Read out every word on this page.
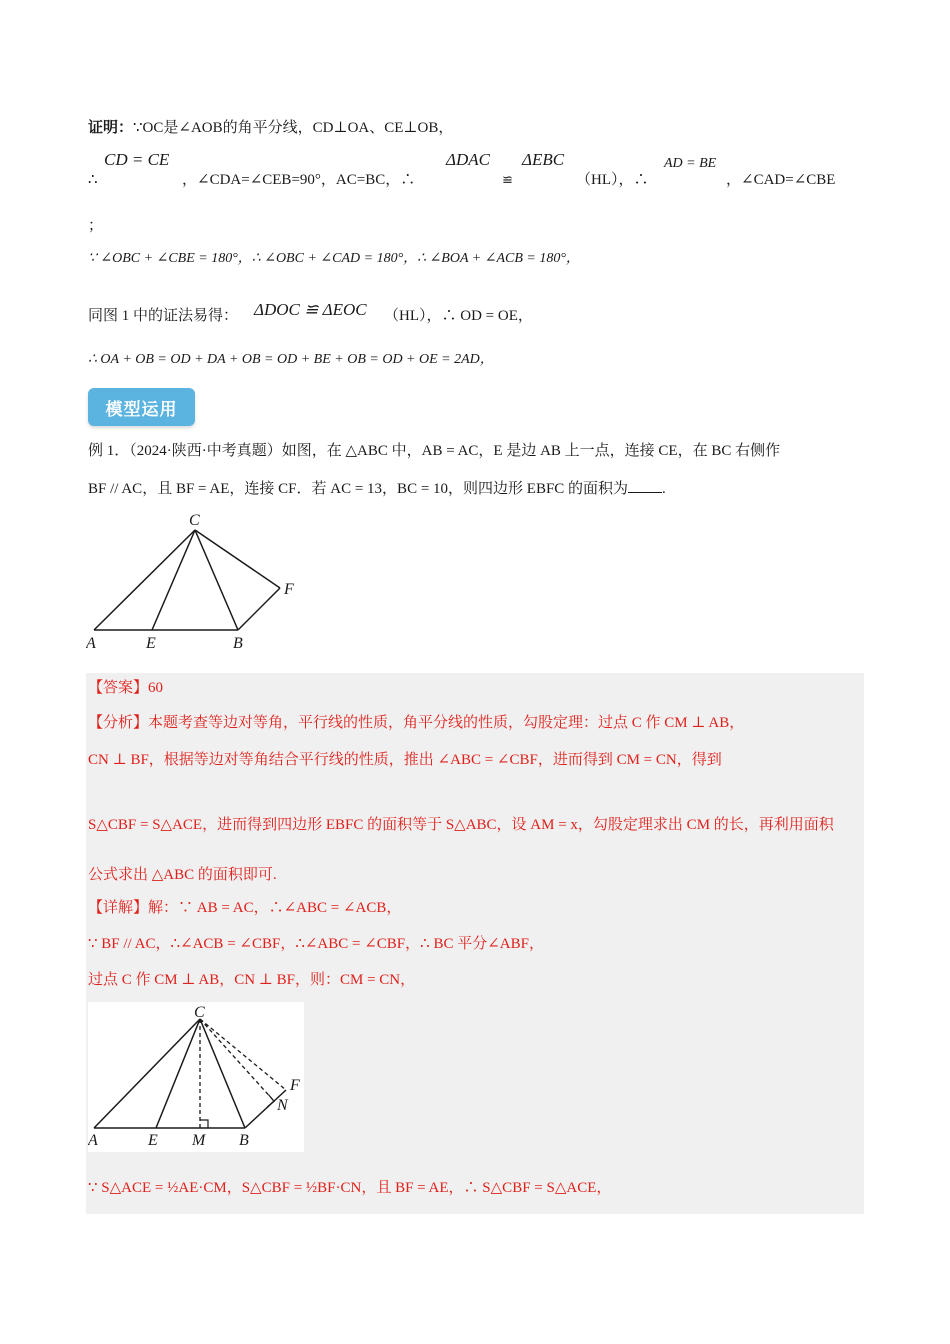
证明：∵OC是∠AOB的角平分线，CD⊥OA、CE⊥OB，
∴
CD = CE
，∠CDA=∠CEB=90°，AC=BC，∴
ΔDAC
≌
ΔEBC
（HL），∴
AD = BE
，∠CAD=∠CBE
；
∵ ∠OBC + ∠CBE = 180°，∴ ∠OBC + ∠CAD = 180°，∴ ∠BOA + ∠ACB = 180°，
同图 1 中的证法易得： ΔDOC ≌ ΔEOC （HL），∴ OD = OE，
∴ OA + OB = OD + DA + OB = OD + BE + OB = OD + OE = 2AD，
模型运用
例 1．（2024·陕西·中考真题）如图，在 △ABC 中，AB = AC，E 是边 AB 上一点，连接 CE，在 BC 右侧作
BF // AC，且 BF = AE，连接 CF．若 AC = 13，BC = 10，则四边形 EBFC 的面积为 .
C
F
A	E	B
【答案】60
【分析】本题考查等边对等角，平行线的性质，角平分线的性质，勾股定理：过点 C 作 CM ⊥ AB，
CN ⊥ BF，根据等边对等角结合平行线的性质，推出 ∠ABC = ∠CBF，进而得到 CM = CN，得到
S△CBF = S△ACE，进而得到四边形 EBFC 的面积等于 S△ABC，设 AM = x，勾股定理求出 CM 的长，再利用面积
公式求出 △ABC 的面积即可.
【详解】解：∵ AB = AC，∴∠ABC = ∠ACB，
∵ BF // AC，∴∠ACB = ∠CBF，∴∠ABC = ∠CBF，∴ BC 平分∠ABF，
过点 C 作 CM ⊥ AB，CN ⊥ BF，则：CM = CN，
C
F
N
A	E M B
∵ S△ACE = ½AE·CM，S△CBF = ½BF·CN，且 BF = AE，∴ S△CBF = S△ACE，
